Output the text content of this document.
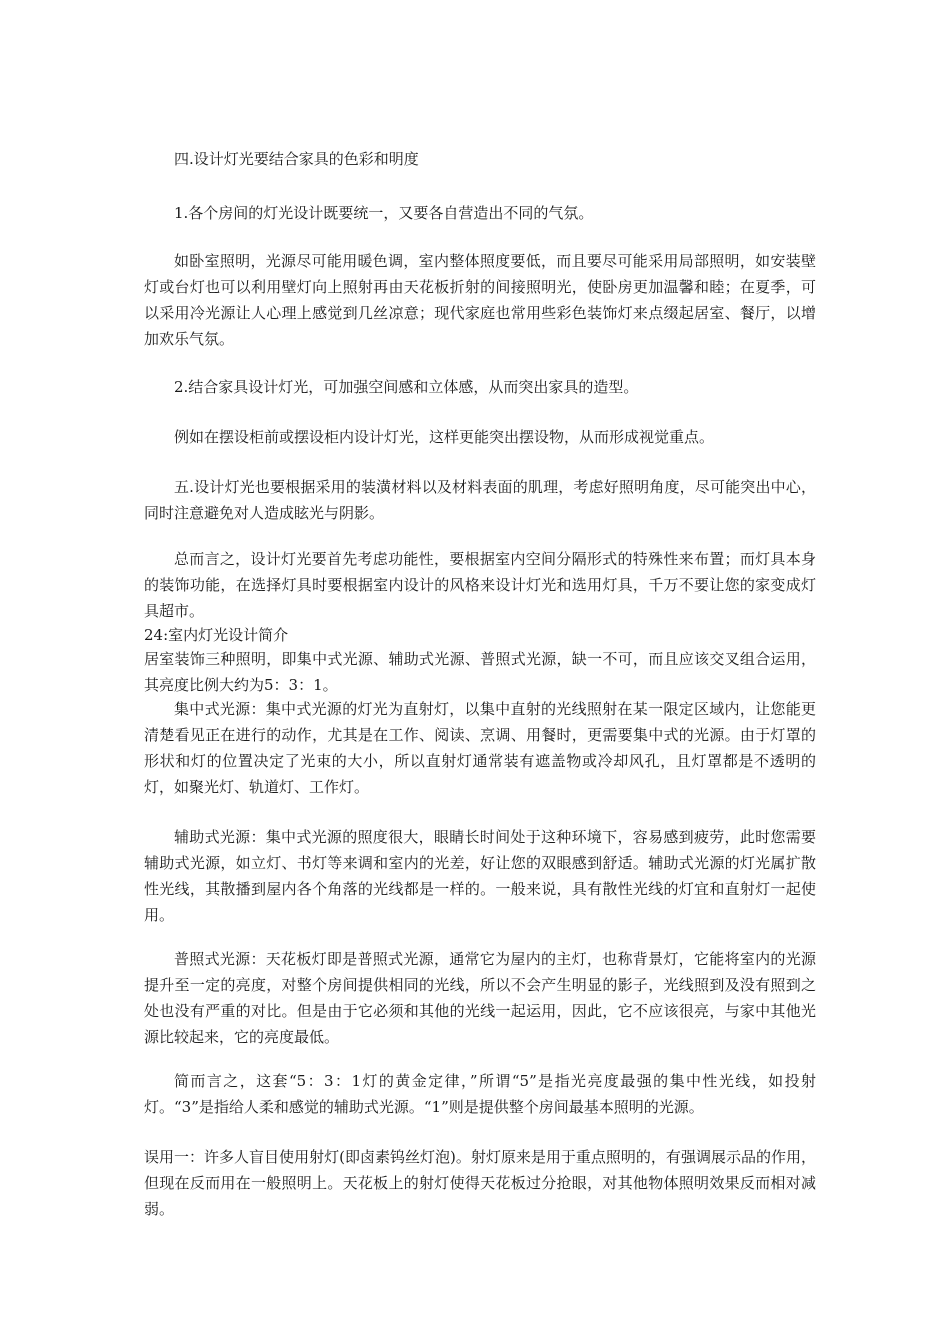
四.设计灯光要结合家具的色彩和明度

1.各个房间的灯光设计既要统一，又要各自营造出不同的气氛。

如卧室照明，光源尽可能用暖色调，室内整体照度要低，而且要尽可能采用局部照明，如安装壁灯或台灯也可以利用壁灯向上照射再由天花板折射的间接照明光，使卧房更加温馨和睦；在夏季，可以采用冷光源让人心理上感觉到几丝凉意；现代家庭也常用些彩色装饰灯来点缀起居室、餐厅，以增加欢乐气氛。

2.结合家具设计灯光，可加强空间感和立体感，从而突出家具的造型。

例如在摆设柜前或摆设柜内设计灯光，这样更能突出摆设物，从而形成视觉重点。

五.设计灯光也要根据采用的装潢材料以及材料表面的肌理，考虑好照明角度，尽可能突出中心，同时注意避免对人造成眩光与阴影。

总而言之，设计灯光要首先考虑功能性，要根据室内空间分隔形式的特殊性来布置；而灯具本身的装饰功能，在选择灯具时要根据室内设计的风格来设计灯光和选用灯具，千万不要让您的家变成灯具超市。

24:室内灯光设计简介

居室装饰三种照明，即集中式光源、辅助式光源、普照式光源，缺一不可，而且应该交叉组合运用，其亮度比例大约为5：3：1。

集中式光源：集中式光源的灯光为直射灯，以集中直射的光线照射在某一限定区域内，让您能更清楚看见正在进行的动作，尤其是在工作、阅读、烹调、用餐时，更需要集中式的光源。由于灯罩的形状和灯的位置决定了光束的大小，所以直射灯通常装有遮盖物或冷却风孔，且灯罩都是不透明的灯，如聚光灯、轨道灯、工作灯。

辅助式光源：集中式光源的照度很大，眼睛长时间处于这种环境下，容易感到疲劳，此时您需要辅助式光源，如立灯、书灯等来调和室内的光差，好让您的双眼感到舒适。辅助式光源的灯光属扩散性光线，其散播到屋内各个角落的光线都是一样的。一般来说，具有散性光线的灯宜和直射灯一起使用。

普照式光源：天花板灯即是普照式光源，通常它为屋内的主灯，也称背景灯，它能将室内的光源提升至一定的亮度，对整个房间提供相同的光线，所以不会产生明显的影子，光线照到及没有照到之处也没有严重的对比。但是由于它必须和其他的光线一起运用，因此，它不应该很亮，与家中其他光源比较起来，它的亮度最低。

简而言之，这套“5：3：1灯的黄金定律，”所谓“5”是指光亮度最强的集中性光线，如投射灯。“3”是指给人柔和感觉的辅助式光源。“1”则是提供整个房间最基本照明的光源。

误用一：许多人盲目使用射灯(即卤素钨丝灯泡)。射灯原来是用于重点照明的，有强调展示品的作用，但现在反而用在一般照明上。天花板上的射灯使得天花板过分抢眼，对其他物体照明效果反而相对减弱。
